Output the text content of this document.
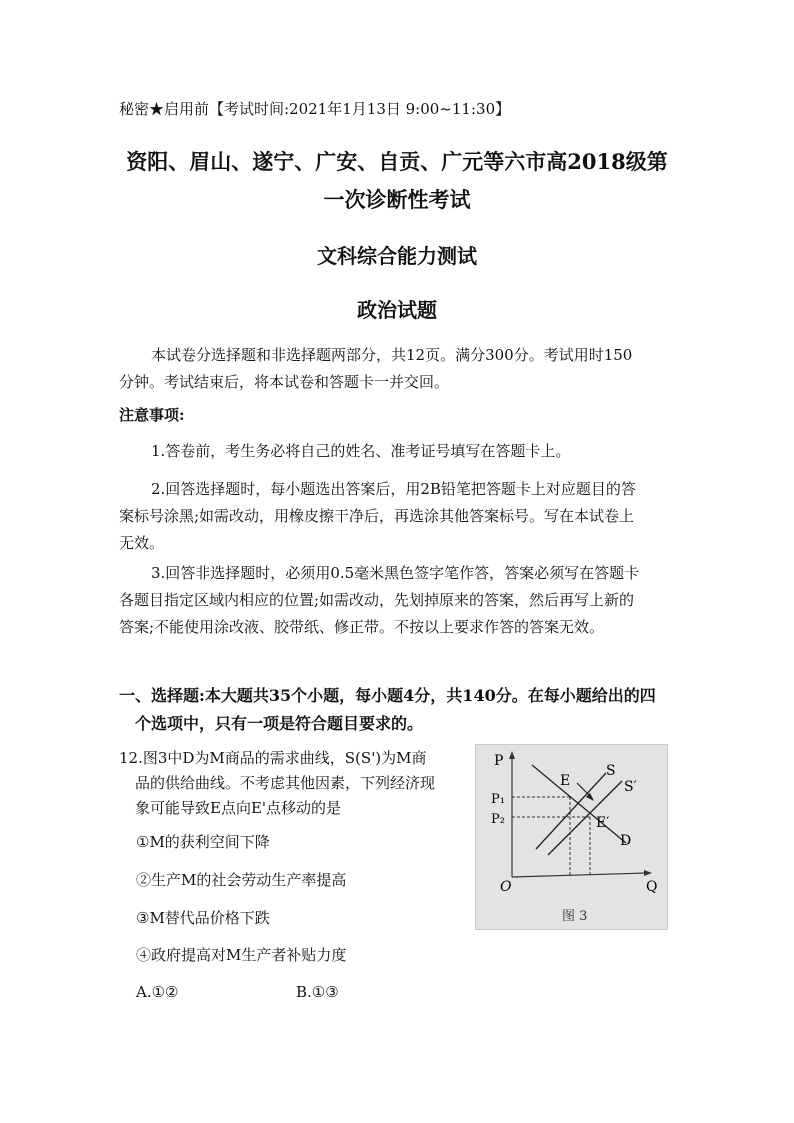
秘密★启用前【考试时间:2021年1月13日 9:00~11:30】
资阳、眉山、遂宁、广安、自贡、广元等六市高2018级第
一次诊断性考试
文科综合能力测试
政治试题
本试卷分选择题和非选择题两部分，共12页。满分300分。考试用时150
分钟。考试结束后，将本试卷和答题卡一并交回。
注意事项:
1.答卷前，考生务必将自己的姓名、准考证号填写在答题卡上。
2.回答选择题时，每小题选出答案后，用2B铅笔把答题卡上对应题目的答
案标号涂黑;如需改动，用橡皮擦干净后，再选涂其他答案标号。写在本试卷上
无效。
3.回答非选择题时，必须用0.5毫米黑色签字笔作答，答案必须写在答题卡
各题目指定区域内相应的位置;如需改动，先划掉原来的答案，然后再写上新的
答案;不能使用涂改液、胶带纸、修正带。不按以上要求作答的答案无效。
一、选择题:本大题共35个小题，每小题4分，共140分。在每小题给出的四
个选项中，只有一项是符合题目要求的。
12.图3中D为M商品的需求曲线，S(S')为M商
品的供给曲线。不考虑其他因素，下列经济现
象可能导致E点向E'点移动的是
①M的获利空间下降
②生产M的社会劳动生产率提高
③M替代品价格下跌
④政府提高对M生产者补贴力度
A.①②	B.①③
P
P₁
P₂
O	Q
E
E′
S
S′
D
图 3
